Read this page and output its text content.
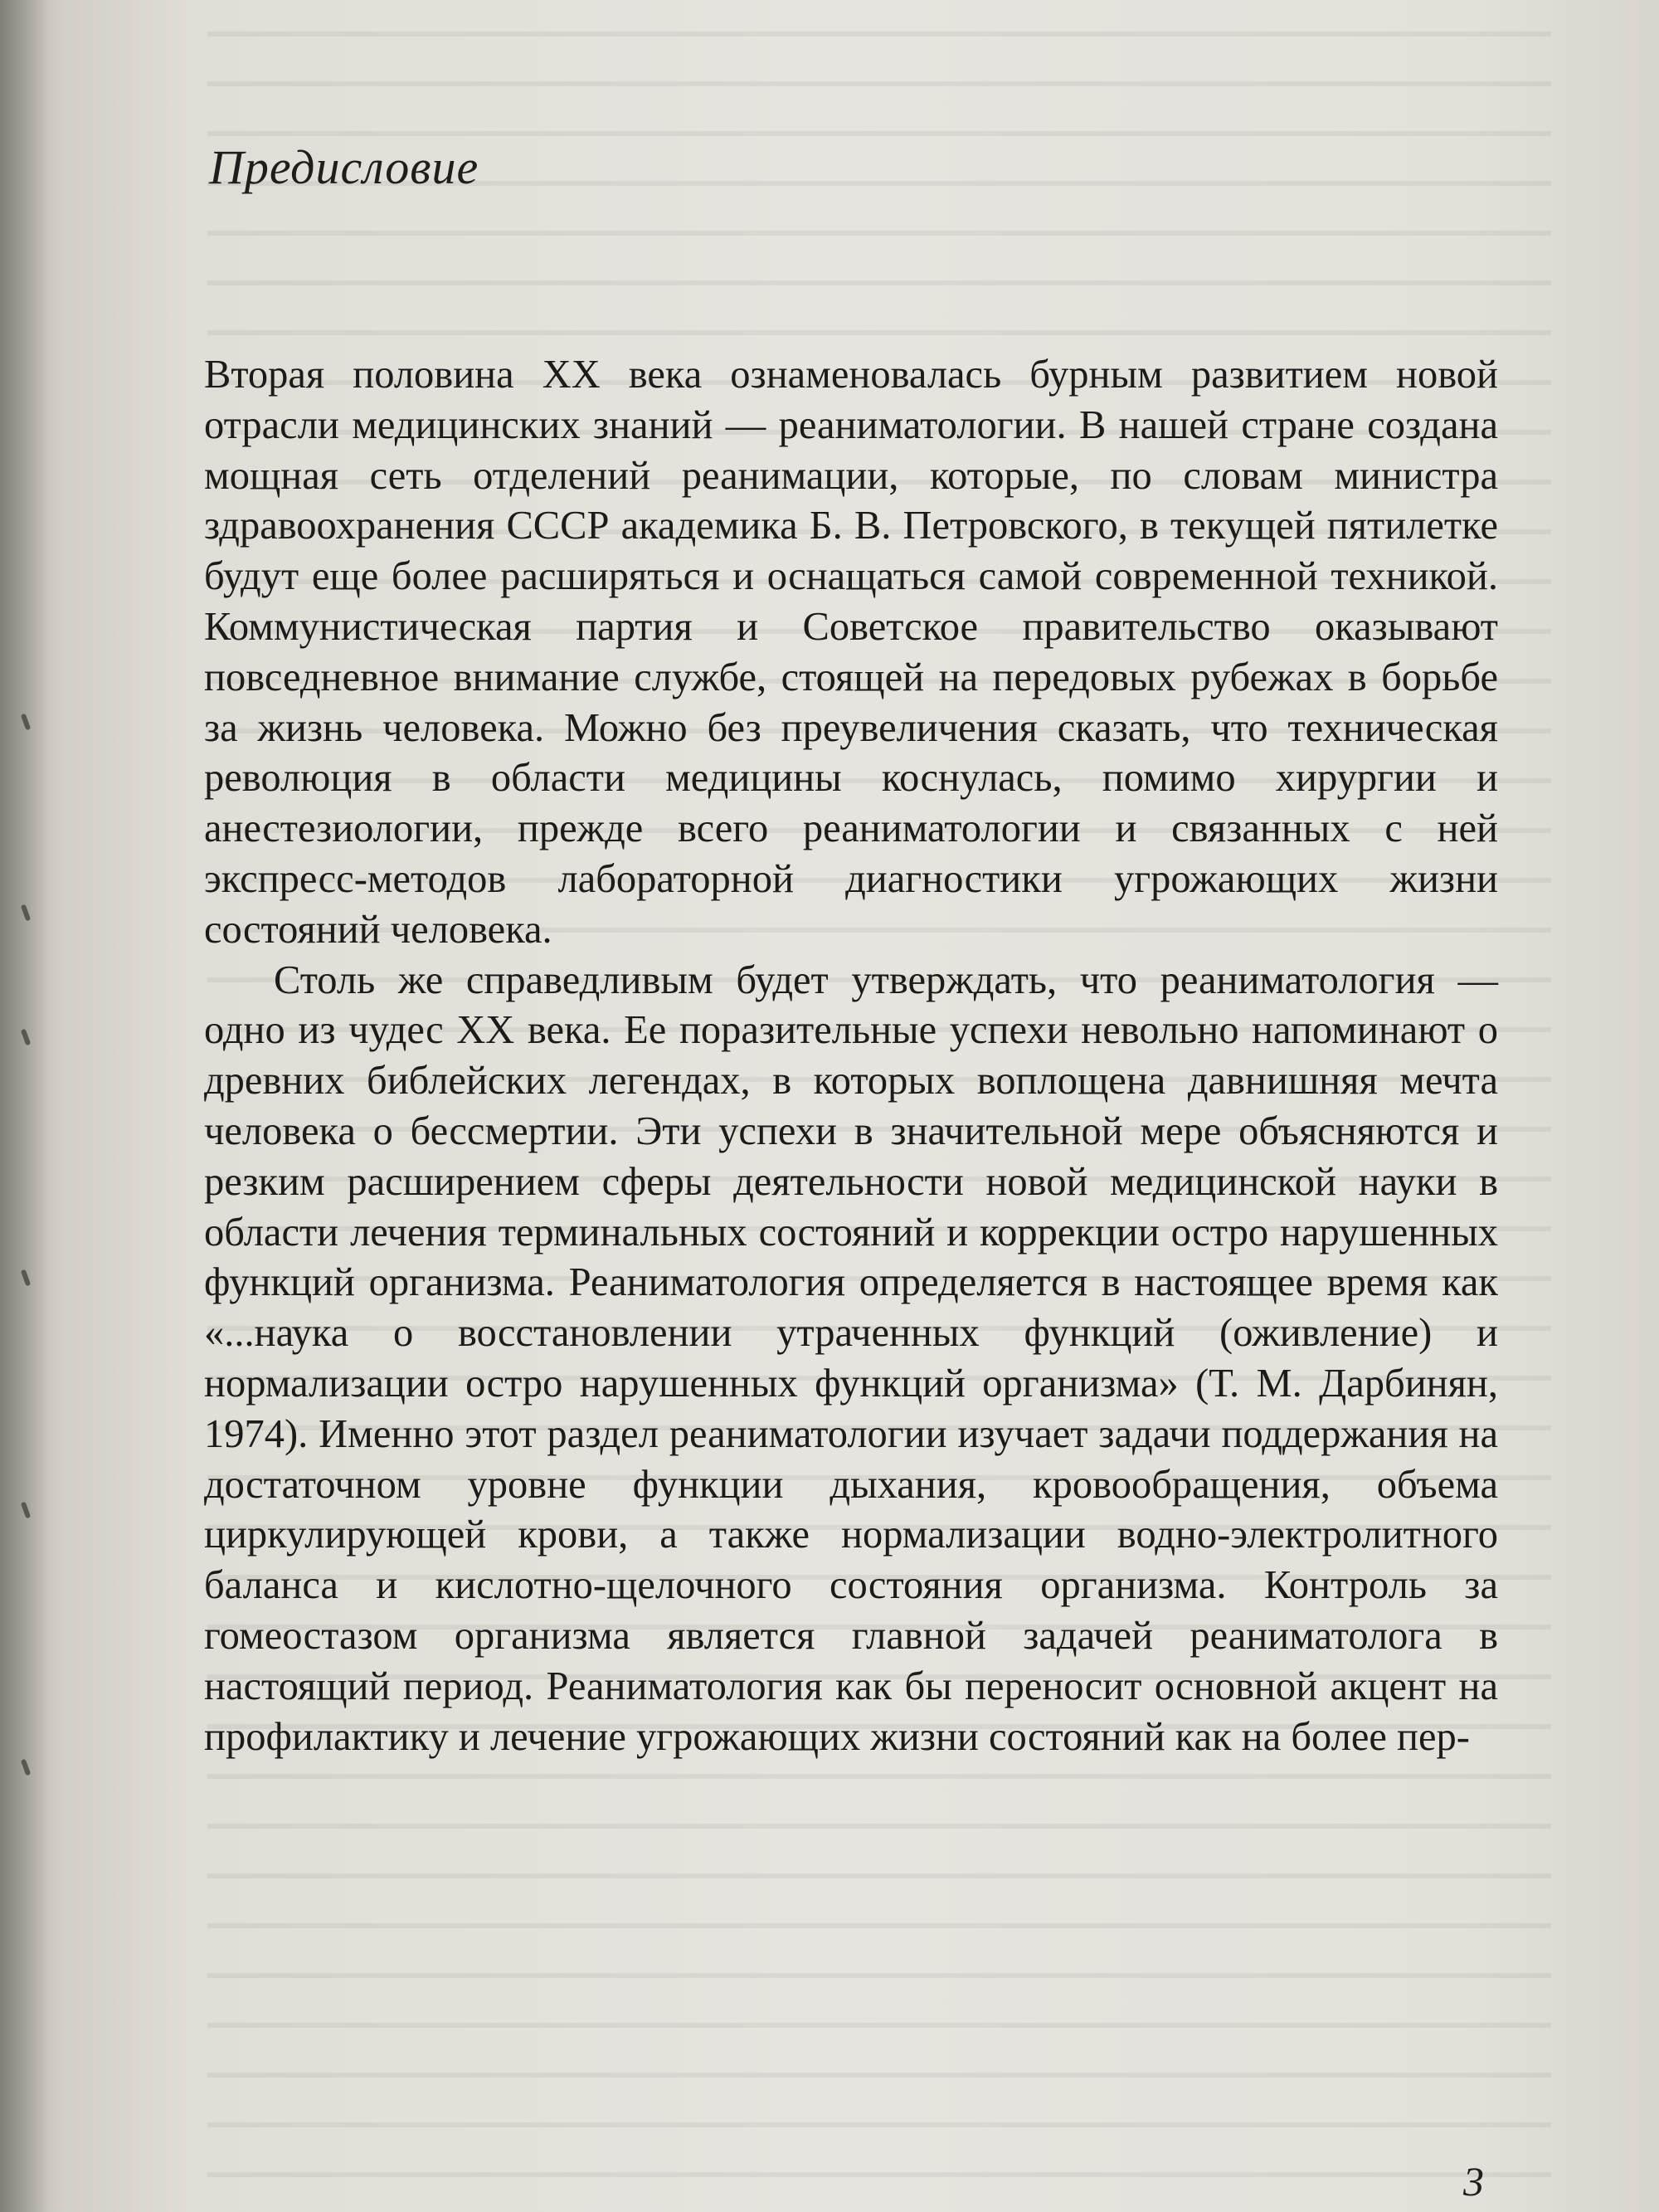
Предисловие

Вторая половина XX века ознаменовалась бурным развитием новой отрасли медицинских знаний — реаниматологии. В нашей стране создана мощная сеть отделений реанимации, которые, по словам министра здравоохранения СССР академика Б. В. Петровского, в текущей пятилетке будут еще более расширяться и оснащаться самой современной техникой. Коммунистическая партия и Советское правительство оказывают повседневное внимание службе, стоящей на передовых рубежах в борьбе за жизнь человека. Можно без преувеличения сказать, что техническая революция в области медицины коснулась, помимо хирургии и анестезиологии, прежде всего реаниматологии и связанных с ней экспресс-методов лабораторной диагностики угрожающих жизни состояний человека.

Столь же справедливым будет утверждать, что реаниматология — одно из чудес XX века. Ее поразительные успехи невольно напоминают о древних библейских легендах, в которых воплощена давнишняя мечта человека о бессмертии. Эти успехи в значительной мере объясняются и резким расширением сферы деятельности новой медицинской науки в области лечения терминальных состояний и коррекции остро нарушенных функций организма. Реаниматология определяется в настоящее время как «...наука о восстановлении утраченных функций (оживление) и нормализации остро нарушенных функций организма» (Т. М. Дарбинян, 1974). Именно этот раздел реаниматологии изучает задачи поддержания на достаточном уровне функции дыхания, кровообращения, объема циркулирующей крови, а также нормализации водно-электролитного баланса и кислотно-щелочного состояния организма. Контроль за гомеостазом организма является главной задачей реаниматолога в настоящий период. Реаниматология как бы переносит основной акцент на профилактику и лечение угрожающих жизни состояний как на более пер-

3
